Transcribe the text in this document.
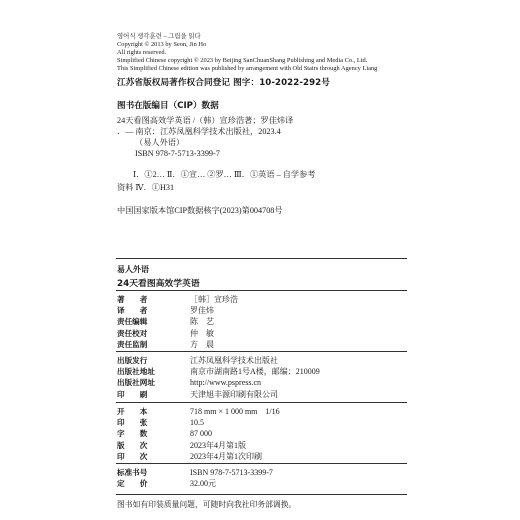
영어식 생각훈련 – 그림을 읽다
Copyright © 2013 by Seon, Jin Ho
All rights reserved.
Simplified Chinese copyright © 2023 by Beijing SanChuanShang Publishing and Media Co., Ltd.
This Simplified Chinese edition was published by arrangement with Old Stairs through Agency Liang
江苏省版权局著作权合同登记 图字：10-2022-292号
图书在版编目（CIP）数据
24天看图高效学英语 /（韩）宣珍浩著；罗佳炜译
．— 南京：江苏凤凰科学技术出版社，2023.4
（易人外语）
ISBN 978-7-5713-3399-7
Ⅰ．①2… Ⅱ．①宣… ②罗… Ⅲ．①英语 – 自学参考
资料 Ⅳ．①H31
中国国家版本馆CIP数据核字(2023)第004708号
易人外语
24天看图高效学英语
著　　者	［韩］宣珍浩
译　　者	罗佳炜
责任编辑	陈　艺
责任校对	仲　敏
责任监制	方　晨
出版发行	江苏凤凰科学技术出版社
出版社地址	南京市湖南路1号A楼，邮编：210009
出版社网址	http://www.pspress.cn
印　　刷	天津旭丰源印刷有限公司
开　　本	718 mm × 1 000 mm　1/16
印　　张	10.5
字　　数	87 000
版　　次	2023年4月第1版
印　　次	2023年4月第1次印刷
标准书号	ISBN 978-7-5713-3399-7
定　　价	32.00元
图书如有印装质量问题，可随时向我社印务部调换。
